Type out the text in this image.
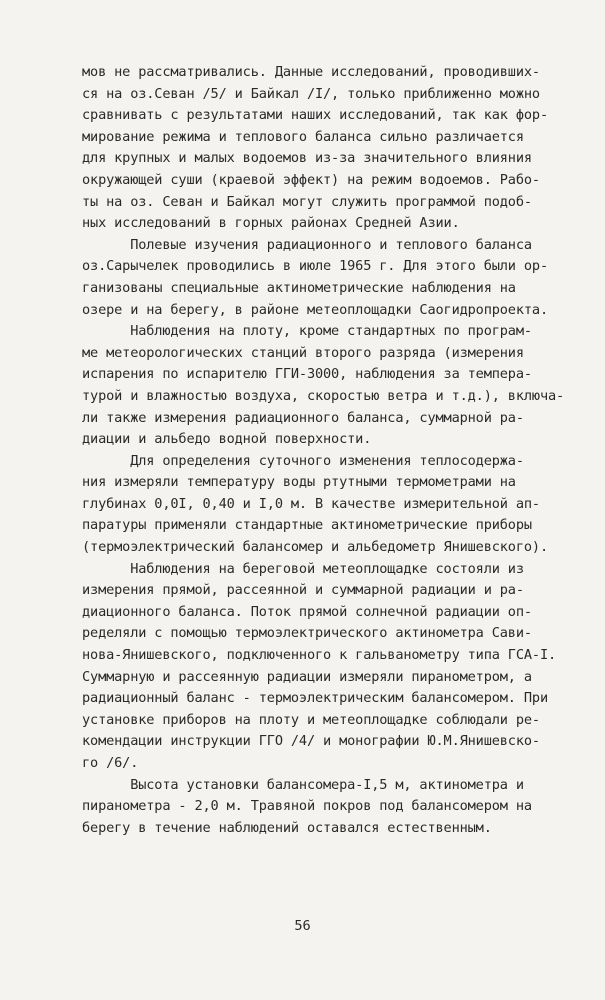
мов не рассматривались. Данные исследований, проводивших-
ся на оз.Севан /5/ и Байкал /I/, только приближенно можно
сравнивать с результатами наших исследований, так как фор-
мирование режима и теплового баланса сильно различается
для крупных и малых водоемов из-за значительного влияния
окружающей суши (краевой эффект) на режим водоемов. Рабо-
ты на оз. Севан и Байкал могут служить программой подоб-
ных исследований в горных районах Средней Азии.
Полевые изучения радиационного и теплового баланса
оз.Сарычелек проводились в июле 1965 г. Для этого были ор-
ганизованы специальные актинометрические наблюдения на
озере и на берегу, в районе метеоплощадки Саогидропроекта.
Наблюдения на плоту, кроме стандартных по програм-
ме метеорологических станций второго разряда (измерения
испарения по испарителю ГГИ-3000, наблюдения за темпера-
турой и влажностью воздуха, скоростью ветра и т.д.), включа-
ли также измерения радиационного баланса, суммарной ра-
диации и альбедо водной поверхности.
Для определения суточного изменения теплосодержа-
ния измеряли температуру воды ртутными термометрами на
глубинах 0,0I, 0,40 и I,0 м. В качестве измерительной ап-
паратуры применяли стандартные актинометрические приборы
(термоэлектрический балансомер и альбедометр Янишевского).
Наблюдения на береговой метеоплощадке состояли из
измерения прямой, рассеянной и суммарной радиации и ра-
диационного баланса. Поток прямой солнечной радиации оп-
ределяли с помощью термоэлектрического актинометра Сави-
нова-Янишевского, подключенного к гальванометру типа ГСА-I.
Суммарную и рассеянную радиации измеряли пиранометром, а
радиационный баланс - термоэлектрическим балансомером. При
установке приборов на плоту и метеоплощадке соблюдали ре-
комендации инструкции ГГО /4/ и монографии Ю.М.Янишевско-
го /6/.
Высота установки балансомера-I,5 м, актинометра и
пиранометра - 2,0 м. Травяной покров под балансомером на
берегу в течение наблюдений оставался естественным.
56
